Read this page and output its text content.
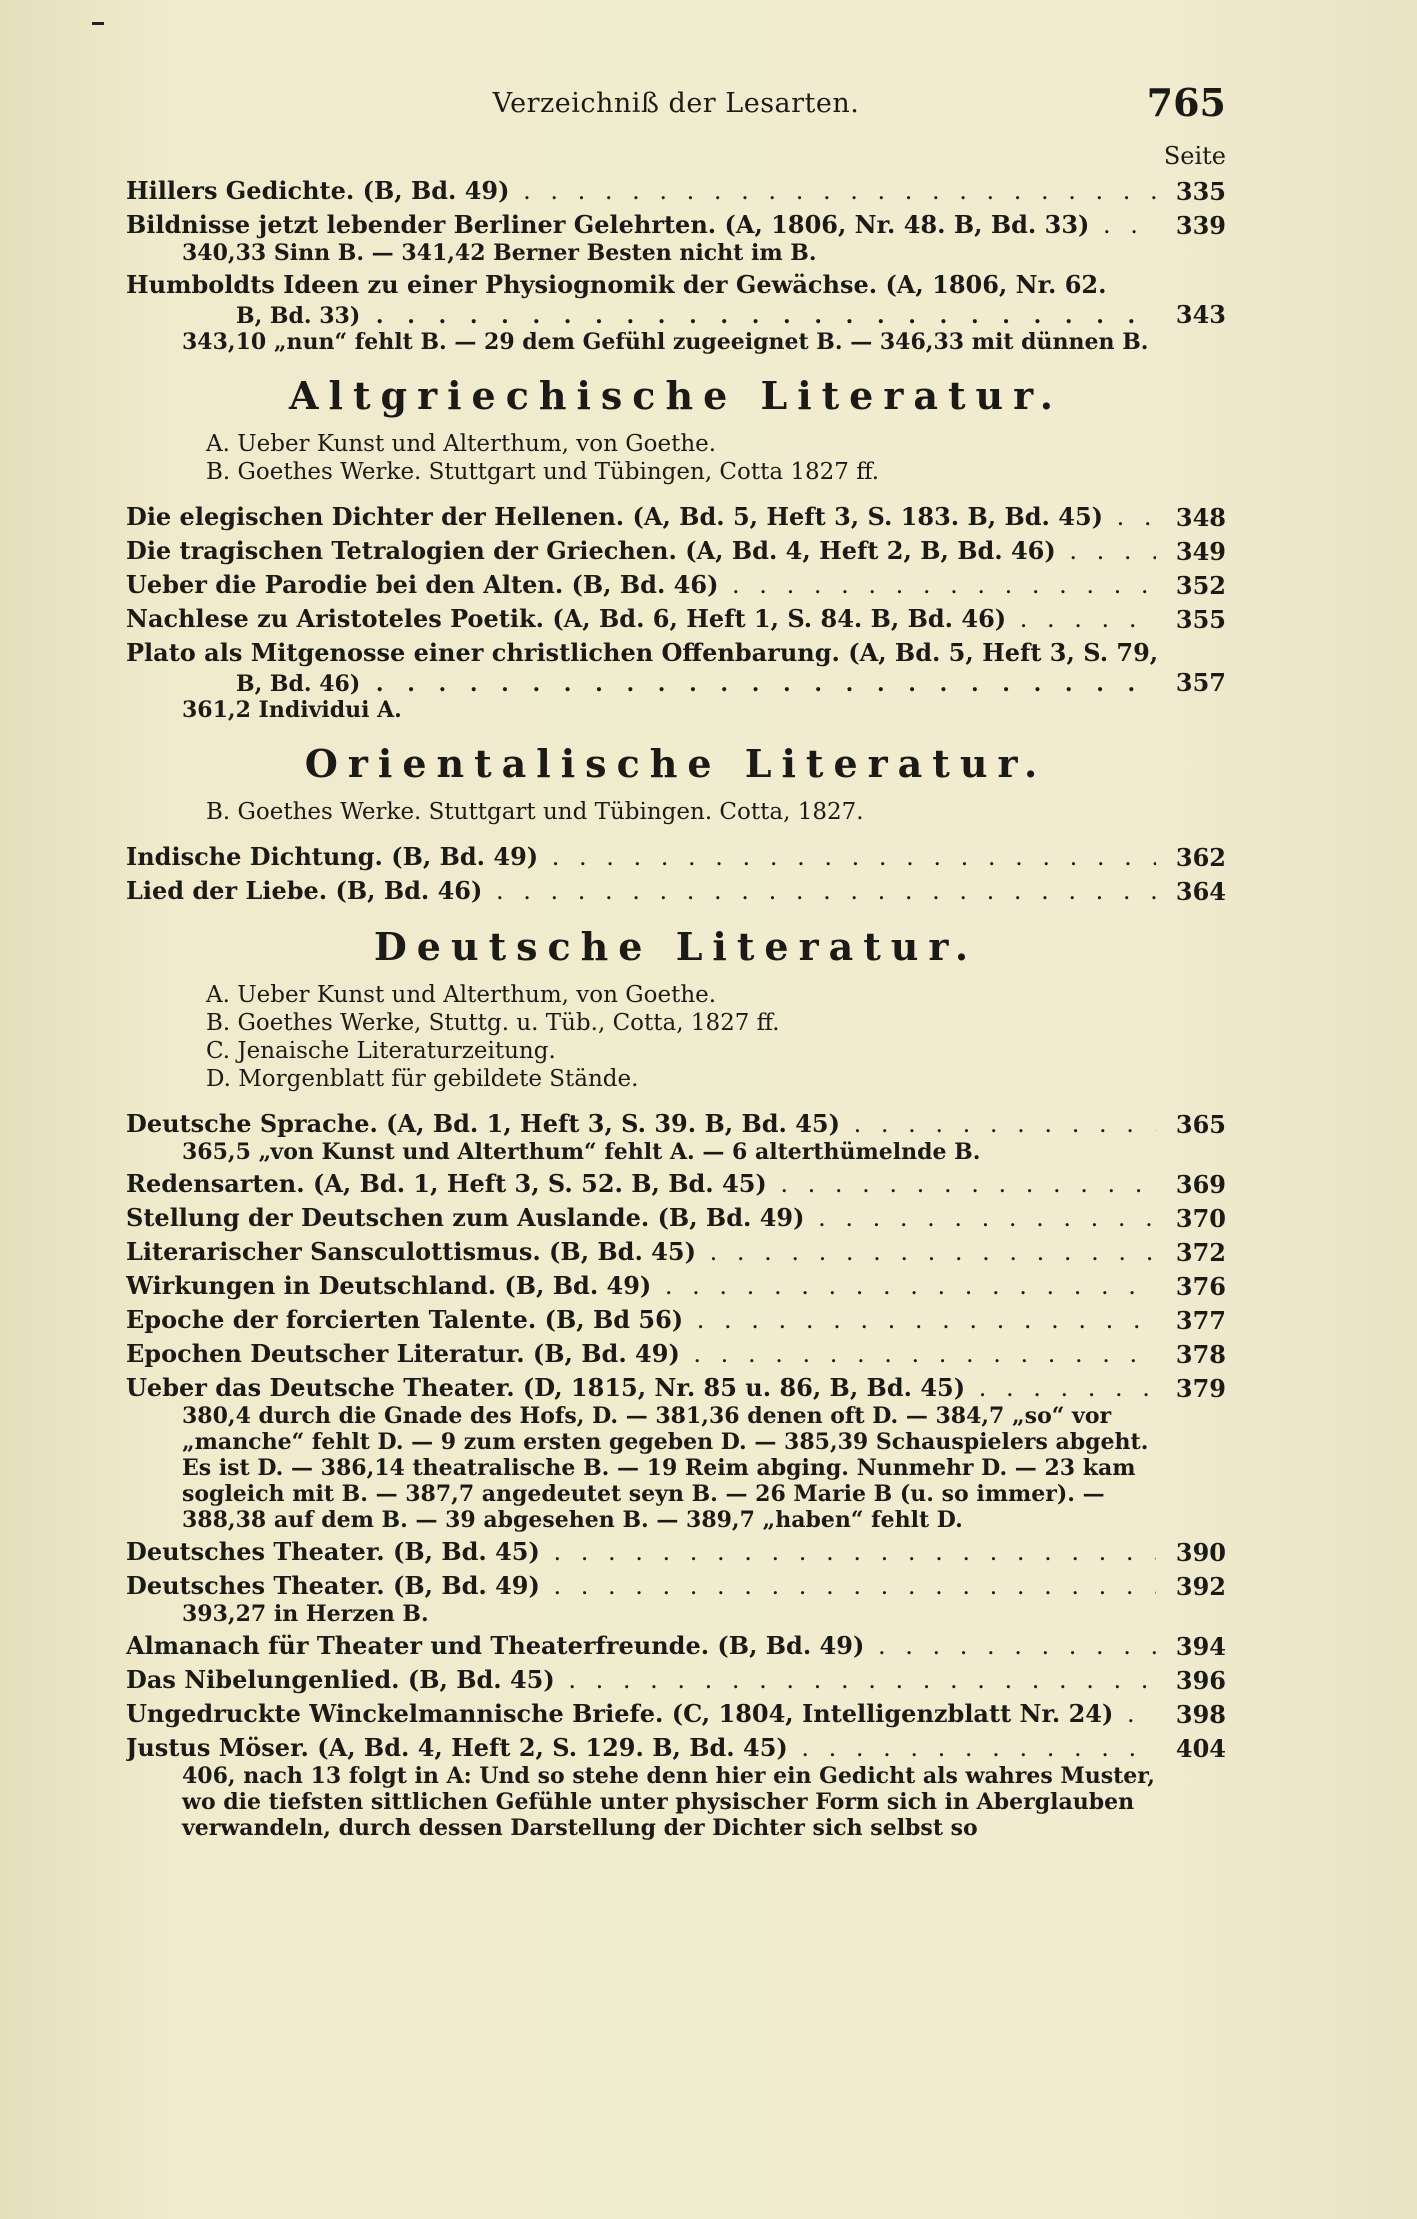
Verzeichniß der Lesarten.	765
Seite
Hillers Gedichte. (B, Bd. 49) . . .	335
Bildnisse jetzt lebender Berliner Gelehrten. (A, 1806, Nr. 48. B, Bd. 33) . . .	339
340,33 Sinn B. — 341,42 Berner Besten nicht im B.
Humboldts Ideen zu einer Physiognomik der Gewächse. (A, 1806, Nr. 62.
B, Bd. 33) . . .	343
343,10 „nun“ fehlt B. — 29 dem Gefühl zugeeignet B. — 346,33 mit dünnen B.
Altgriechische Literatur.
A. Ueber Kunst und Alterthum, von Goethe.
B. Goethes Werke. Stuttgart und Tübingen, Cotta 1827 ff.
Die elegischen Dichter der Hellenen. (A, Bd. 5, Heft 3, S. 183. B, Bd. 45) . . .	348
Die tragischen Tetralogien der Griechen. (A, Bd. 4, Heft 2, B, Bd. 46) . . .	349
Ueber die Parodie bei den Alten. (B, Bd. 46) . . .	352
Nachlese zu Aristoteles Poetik. (A, Bd. 6, Heft 1, S. 84. B, Bd. 46) . . .	355
Plato als Mitgenosse einer christlichen Offenbarung. (A, Bd. 5, Heft 3, S. 79,
B, Bd. 46) . . .	357
361,2 Individui A.
Orientalische Literatur.
B. Goethes Werke. Stuttgart und Tübingen. Cotta, 1827.
Indische Dichtung. (B, Bd. 49) . . .	362
Lied der Liebe. (B, Bd. 46) . . .	364
Deutsche Literatur.
A. Ueber Kunst und Alterthum, von Goethe.
B. Goethes Werke, Stuttg. u. Tüb., Cotta, 1827 ff.
C. Jenaische Literaturzeitung.
D. Morgenblatt für gebildete Stände.
Deutsche Sprache. (A, Bd. 1, Heft 3, S. 39. B, Bd. 45) . . .	365
365,5 „von Kunst und Alterthum“ fehlt A. — 6 alterthümelnde B.
Redensarten. (A, Bd. 1, Heft 3, S. 52. B, Bd. 45) . . .	369
Stellung der Deutschen zum Auslande. (B, Bd. 49) . . .	370
Literarischer Sansculottismus. (B, Bd. 45) . . .	372
Wirkungen in Deutschland. (B, Bd. 49) . . .	376
Epoche der forcierten Talente. (B, Bd 56) . . .	377
Epochen Deutscher Literatur. (B, Bd. 49) . . .	378
Ueber das Deutsche Theater. (D, 1815, Nr. 85 u. 86, B, Bd. 45) . . .	379
380,4 durch die Gnade des Hofs, D. — 381,36 denen oft D. — 384,7 „so“ vor „manche“ fehlt D. — 9 zum ersten gegeben D. — 385,39 Schauspielers abgeht. Es ist D. — 386,14 theatralische B. — 19 Reim abging. Nunmehr D. — 23 kam sogleich mit B. — 387,7 angedeutet seyn B. — 26 Marie B (u. so immer). — 388,38 auf dem B. — 39 abgesehen B. — 389,7 „haben“ fehlt D.
Deutsches Theater. (B, Bd. 45) . . .	390
Deutsches Theater. (B, Bd. 49) . . .	392
393,27 in Herzen B.
Almanach für Theater und Theaterfreunde. (B, Bd. 49) . . .	394
Das Nibelungenlied. (B, Bd. 45) . . .	396
Ungedruckte Winckelmannische Briefe. (C, 1804, Intelligenzblatt Nr. 24) . . .	398
Justus Möser. (A, Bd. 4, Heft 2, S. 129. B, Bd. 45) . . .	404
406, nach 13 folgt in A: Und so stehe denn hier ein Gedicht als wahres Muster, wo die tiefsten sittlichen Gefühle unter physischer Form sich in Aberglauben verwandeln, durch dessen Darstellung der Dichter sich selbst so
